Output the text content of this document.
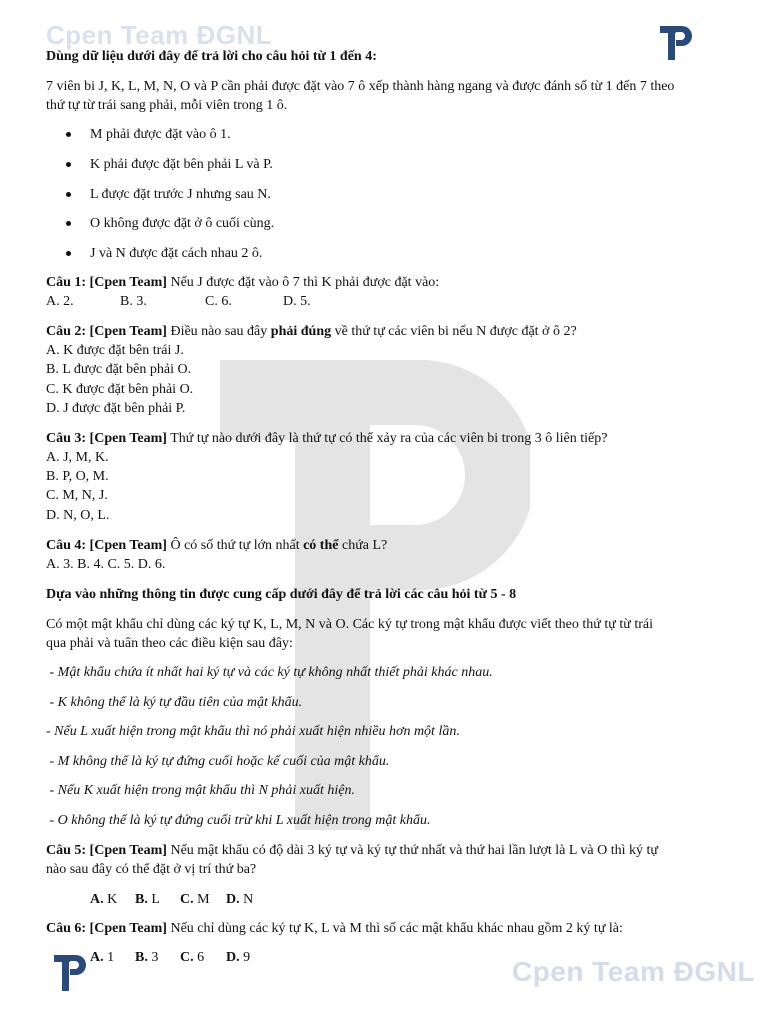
Cpen Team ĐGNL
Dùng dữ liệu dưới đây để trả lời cho câu hỏi từ 1 đến 4:
7 viên bi J, K, L, M, N, O và P cần phải được đặt vào 7 ô xếp thành hàng ngang và được đánh số từ 1 đến 7 theo
thứ tự từ trái sang phải, mỗi viên trong 1 ô.
M phải được đặt vào ô 1.
K phải được đặt bên phải L và P.
L được đặt trước J nhưng sau N.
O không được đặt ở ô cuối cùng.
J và N được đặt cách nhau 2 ô.
Câu 1: [Cpen Team] Nếu J được đặt vào ô 7 thì K phải được đặt vào:
A. 2.	B. 3.	C. 6.	D. 5.
Câu 2: [Cpen Team] Điều nào sau đây phải đúng về thứ tự các viên bi nếu N được đặt ở ô 2?
A. K được đặt bên trái J.
B. L được đặt bên phải O.
C. K được đặt bên phải O.
D. J được đặt bên phải P.
Câu 3: [Cpen Team] Thứ tự nào dưới đây là thứ tự có thể xảy ra của các viên bi trong 3 ô liên tiếp?
A. J, M, K.
B. P, O, M.
C. M, N, J.
D. N, O, L.
Câu 4: [Cpen Team] Ô có số thứ tự lớn nhất có thể chứa L?
A. 3. B. 4. C. 5. D. 6.
Dựa vào những thông tin được cung cấp dưới đây để trả lời các câu hỏi từ 5 - 8
Có một mật khẩu chỉ dùng các ký tự K, L, M, N và O. Các ký tự trong mật khẩu được viết theo thứ tự từ trái
qua phải và tuân theo các điều kiện sau đây:
- Mật khẩu chứa ít nhất hai ký tự và các ký tự không nhất thiết phải khác nhau.
- K không thể là ký tự đầu tiên của mật khẩu.
- Nếu L xuất hiện trong mật khẩu thì nó phải xuất hiện nhiều hơn một lần.
- M không thể là ký tự đứng cuối hoặc kế cuối của mật khẩu.
- Nếu K xuất hiện trong mật khẩu thì N phải xuất hiện.
- O không thể là ký tự đứng cuối trừ khi L xuất hiện trong mật khẩu.
Câu 5: [Cpen Team] Nếu mật khẩu có độ dài 3 ký tự và ký tự thứ nhất và thứ hai lần lượt là L và O thì ký tự
nào sau đây có thể đặt ở vị trí thứ ba?
A. K B. L C. M D. N
Câu 6: [Cpen Team] Nếu chỉ dùng các ký tự K, L và M thì số các mật khẩu khác nhau gồm 2 ký tự là:
A. 1 B. 3 C. 6 D. 9	Cpen Team ĐGNL
